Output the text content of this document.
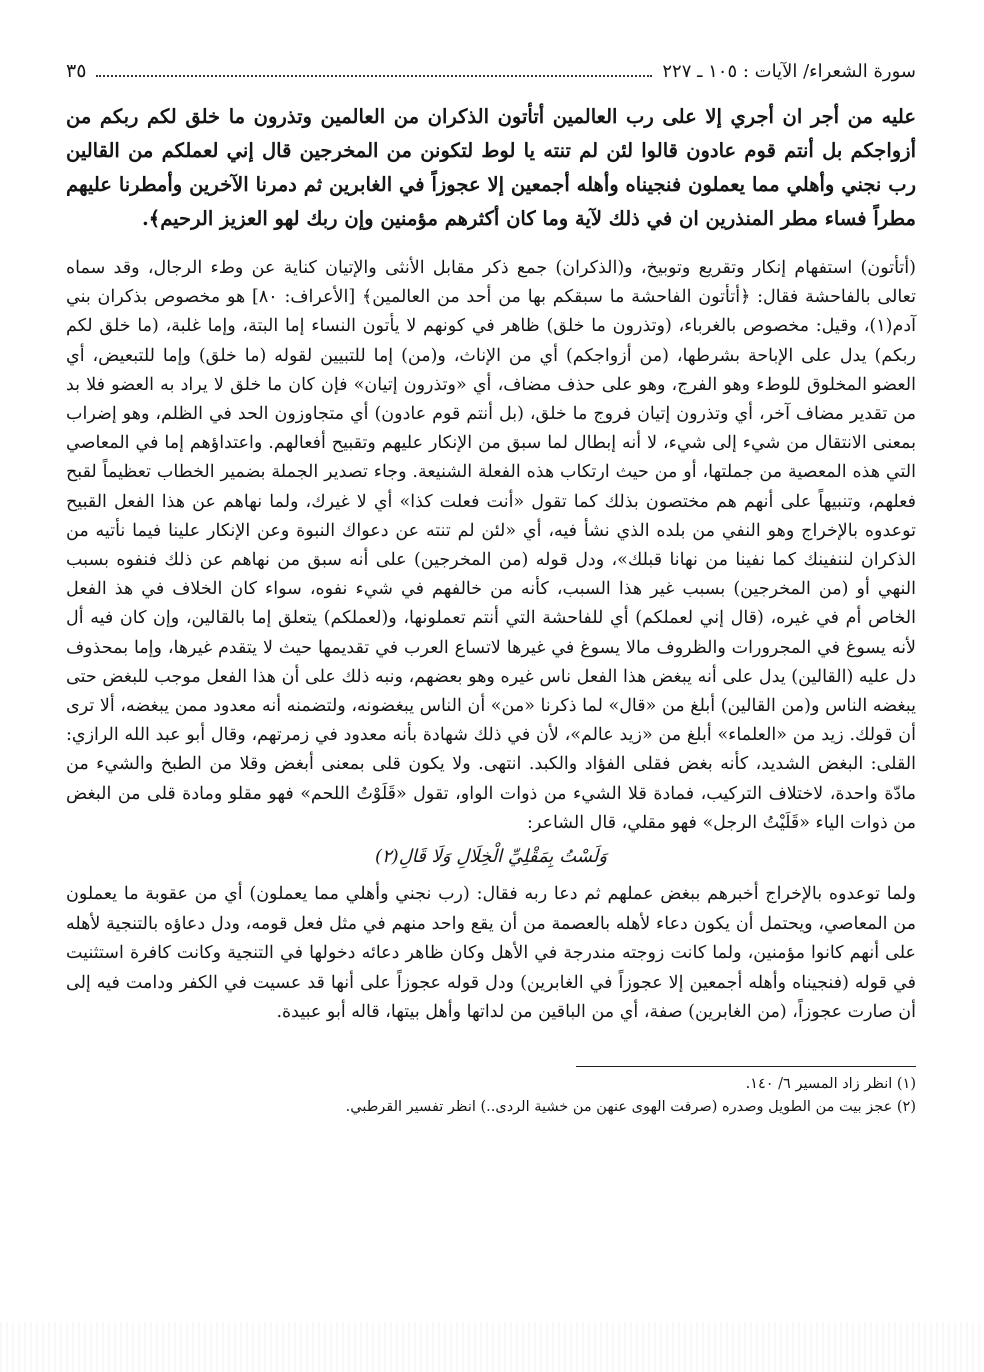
سورة الشعراء/ الآيات : ١٠٥ ـ ٢٢٧
٣٥
عليه من أجر ان أجري إلا على رب العالمين أتأتون الذكران من العالمين وتذرون ما خلق لكم ربكم من أزواجكم بل أنتم قوم عادون قالوا لئن لم تنته يا لوط لتكونن من المخرجين قال إني لعملكم من القالين رب نجني وأهلي مما يعملون فنجيناه وأهله أجمعين إلا عجوزاً في الغابرين ثم دمرنا الآخرين وأمطرنا عليهم مطراً فساء مطر المنذرين ان في ذلك لآية وما كان أكثرهم مؤمنين وإن ربك لهو العزيز الرحيم﴾.
(أتأتون) استفهام إنكار وتقريع وتوبيخ، و(الذكران) جمع ذكر مقابل الأنثى والإتيان كناية عن وطء الرجال، وقد سماه تعالى بالفاحشة فقال: ﴿أتأتون الفاحشة ما سبقكم بها من أحد من العالمين﴾ [الأعراف: ٨٠] هو مخصوص بذكران بني آدم(١)، وقيل: مخصوص بالغرباء، (وتذرون ما خلق) ظاهر في كونهم لا يأتون النساء إما البتة، وإما غلبة، (ما خلق لكم ربكم) يدل على الإباحة بشرطها، (من أزواجكم) أي من الإناث، و(من) إما للتبيين لقوله (ما خلق) وإما للتبعيض، أي العضو المخلوق للوطء وهو الفرج، وهو على حذف مضاف، أي «وتذرون إتيان» فإن كان ما خلق لا يراد به العضو فلا بد من تقدير مضاف آخر، أي وتذرون إتيان فروج ما خلق، (بل أنتم قوم عادون) أي متجاوزون الحد في الظلم، وهو إضراب بمعنى الانتقال من شيء إلى شيء، لا أنه إبطال لما سبق من الإنكار عليهم وتقبيح أفعالهم. واعتداؤهم إما في المعاصي التي هذه المعصية من جملتها، أو من حيث ارتكاب هذه الفعلة الشنيعة. وجاء تصدير الجملة بضمير الخطاب تعظيماً لقبح فعلهم، وتنبيهاً على أنهم هم مختصون بذلك كما تقول «أنت فعلت كذا» أي لا غيرك، ولما نهاهم عن هذا الفعل القبيح توعدوه بالإخراج وهو النفي من بلده الذي نشأ فيه، أي «لئن لم تنته عن دعواك النبوة وعن الإنكار علينا فيما نأتيه من الذكران لننفينك كما نفينا من نهانا قبلك»، ودل قوله (من المخرجين) على أنه سبق من نهاهم عن ذلك فنفوه بسبب النهي أو (من المخرجين) بسبب غير هذا السبب، كأنه من خالفهم في شيء نفوه، سواء كان الخلاف في هذ الفعل الخاص أم في غيره، (قال إني لعملكم) أي للفاحشة التي أنتم تعملونها، و(لعملكم) يتعلق إما بالقالين، وإن كان فيه أل لأنه يسوغ في المجرورات والظروف مالا يسوغ في غيرها لاتساع العرب في تقديمها حيث لا يتقدم غيرها، وإما بمحذوف دل عليه (القالين) يدل على أنه يبغض هذا الفعل ناس غيره وهو بعضهم، ونبه ذلك على أن هذا الفعل موجب للبغض حتى يبغضه الناس و(من القالين) أبلغ من «قال» لما ذكرنا «من» أن الناس يبغضونه، ولتضمنه أنه معدود ممن يبغضه، ألا ترى أن قولك. زيد من «العلماء» أبلغ من «زيد عالم»، لأن في ذلك شهادة بأنه معدود في زمرتهم، وقال أبو عبد الله الرازي: القلى: البغض الشديد، كأنه بغض فقلى الفؤاد والكبد. انتهى. ولا يكون قلى بمعنى أبغض وقلا من الطبخ والشيء من مادّة واحدة، لاختلاف التركيب، فمادة قلا الشيء من ذوات الواو، تقول «قَلَوْتُ اللحم» فهو مقلو ومادة قلى من البغض من ذوات الياء «قَلَيْتُ الرجل» فهو مقلي، قال الشاعر:
وَلَسْتُ بِمَقْلِيِّ الْخِلَالِ وَلَا قَالِ(٢)
ولما توعدوه بالإخراج أخبرهم ببغض عملهم ثم دعا ربه فقال: (رب نجني وأهلي مما يعملون) أي من عقوبة ما يعملون من المعاصي، ويحتمل أن يكون دعاء لأهله بالعصمة من أن يقع واحد منهم في مثل فعل قومه، ودل دعاؤه بالتنجية لأهله على أنهم كانوا مؤمنين، ولما كانت زوجته مندرجة في الأهل وكان ظاهر دعائه دخولها في التنجية وكانت كافرة استثنيت في قوله (فنجيناه وأهله أجمعين إلا عجوزاً في الغابرين) ودل قوله عجوزاً على أنها قد عسيت في الكفر ودامت فيه إلى أن صارت عجوزاً، (من الغابرين) صفة، أي من الباقين من لداتها وأهل بيتها، قاله أبو عبيدة.
(١) انظر زاد المسير ٦/ ١٤٠.
(٢) عجز بيت من الطويل وصدره (صرفت الهوى عنهن من خشية الردى..) انظر تفسير القرطبي.
